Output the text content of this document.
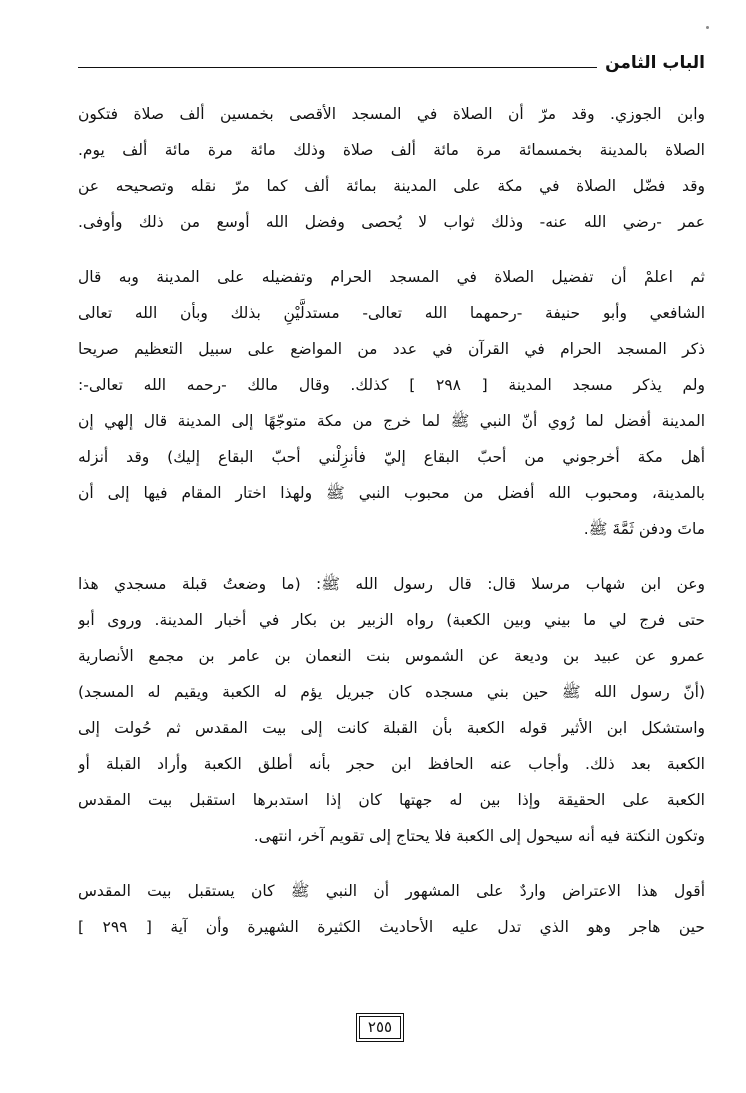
الباب الثامن

وابن الجوزي. وقد مرّ أن الصلاة في المسجد الأقصى بخمسين ألف صلاة فتكون
الصلاة بالمدينة بخمسمائة مرة مائة ألف صلاة وذلك مائة مرة مائة ألف يوم.
وقد فضّل الصلاة في مكة على المدينة بمائة ألف كما مرّ نقله وتصحيحه عن
عمر -رضي الله عنه- وذلك ثواب لا يُحصى وفضل الله أوسع من ذلك وأوفى.

ثم اعلمْ أن تفضيل الصلاة في المسجد الحرام وتفضيله على المدينة وبه قال
الشافعي وأبو حنيفة -رحمهما الله تعالى- مستدلَّيْنِ بذلك وبأن الله تعالى
ذكر المسجد الحرام في القرآن في عدد من المواضع على سبيل التعظيم صريحا
ولم يذكر مسجد المدينة [ ٢٩٨ ] كذلك. وقال مالك -رحمه الله تعالى-:
المدينة أفضل لما رُوي أنّ النبي ﷺ لما خرج من مكة متوجّهًا إلى المدينة قال إلهي إن
أهل مكة أخرجوني من أحبّ البقاع إليّ فأنزِلْني أحبّ البقاع إليك) وقد أنزله
بالمدينة، ومحبوب الله أفضل من محبوب النبي ﷺ ولهذا اختار المقام فيها إلى أن
ماتَ ودفن ثَمَّةَ ﷺ.

وعن ابن شهاب مرسلا قال: قال رسول الله ﷺ: (ما وضعتُ قبلة مسجدي هذا
حتى فرج لي ما بيني وبين الكعبة) رواه الزبير بن بكار في أخبار المدينة. وروى أبو
عمرو عن عبيد بن وديعة عن الشموس بنت النعمان بن عامر بن مجمع الأنصارية
(أنّ رسول الله ﷺ حين بني مسجده كان جبريل يؤم له الكعبة ويقيم له المسجد)
واستشكل ابن الأثير قوله الكعبة بأن القبلة كانت إلى بيت المقدس ثم حُولت إلى
الكعبة بعد ذلك. وأجاب عنه الحافظ ابن حجر بأنه أطلق الكعبة وأراد القبلة أو
الكعبة على الحقيقة وإذا بين له جهتها كان إذا استدبرها استقبل بيت المقدس
وتكون النكتة فيه أنه سيحول إلى الكعبة فلا يحتاج إلى تقويم آخر، انتهى.

أقول هذا الاعتراض واردٌ على المشهور أن النبي ﷺ كان يستقبل بيت المقدس
حين هاجر وهو الذي تدل عليه الأحاديث الكثيرة الشهيرة وأن آية [ ٢٩٩ ]

٢٥٥
